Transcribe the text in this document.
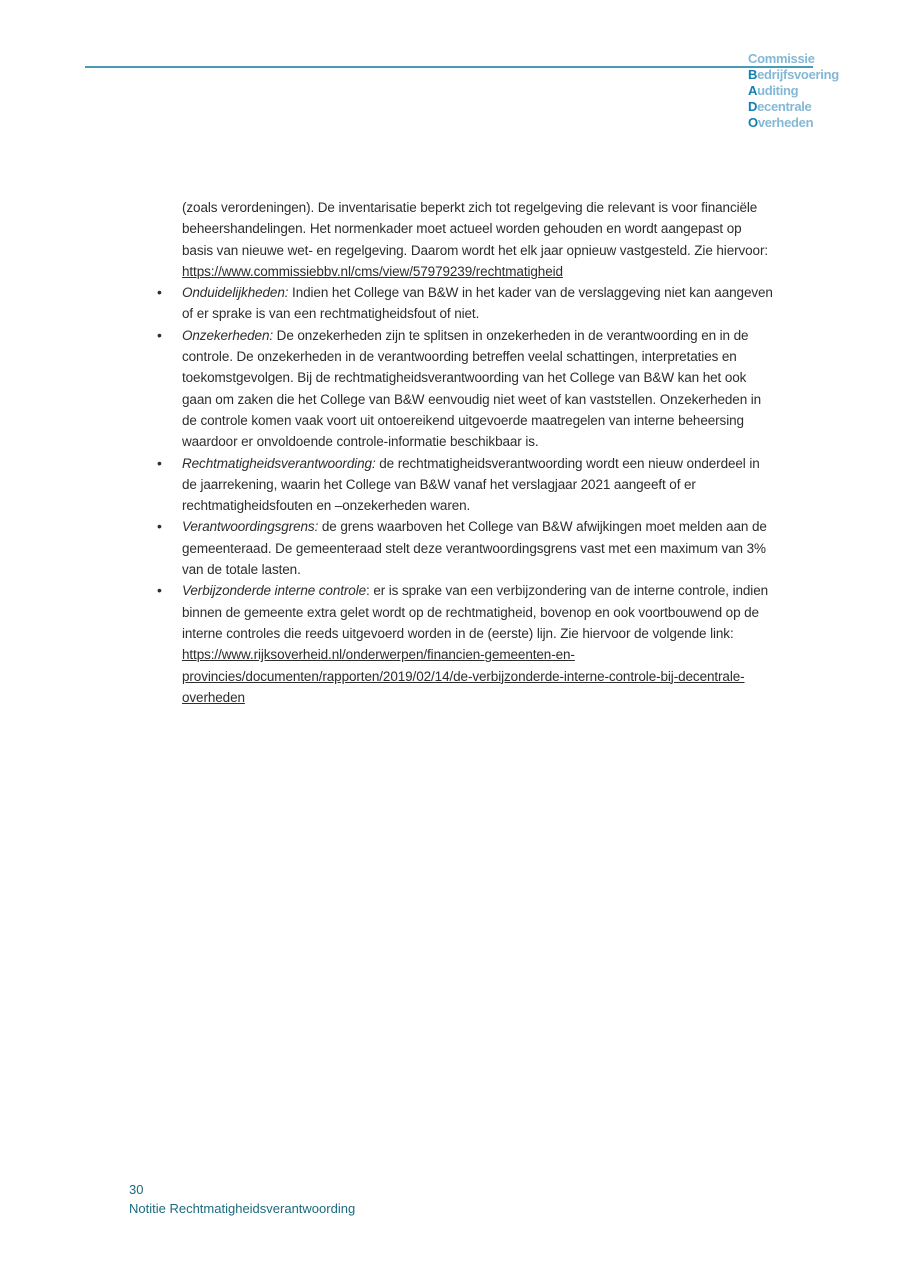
Commissie
Bedrijfsvoering
Auditing
Decentrale
Overheden

(zoals verordeningen). De inventarisatie beperkt zich tot regelgeving die relevant is voor financiële beheershandelingen. Het normenkader moet actueel worden gehouden en wordt aangepast op basis van nieuwe wet- en regelgeving. Daarom wordt het elk jaar opnieuw vastgesteld. Zie hiervoor:
https://www.commissiebbv.nl/cms/view/57979239/rechtmatigheid

• Onduidelijkheden: Indien het College van B&W in het kader van de verslaggeving niet kan aangeven of er sprake is van een rechtmatigheidsfout of niet.
• Onzekerheden: De onzekerheden zijn te splitsen in onzekerheden in de verantwoording en in de controle. De onzekerheden in de verantwoording betreffen veelal schattingen, interpretaties en toekomstgevolgen. Bij de rechtmatigheidsverantwoording van het College van B&W kan het ook gaan om zaken die het College van B&W eenvoudig niet weet of kan vaststellen. Onzekerheden in de controle komen vaak voort uit ontoereikend uitgevoerde maatregelen van interne beheersing waardoor er onvoldoende controle-informatie beschikbaar is.
• Rechtmatigheidsverantwoording: de rechtmatigheidsverantwoording wordt een nieuw onderdeel in de jaarrekening, waarin het College van B&W vanaf het verslagjaar 2021 aangeeft of er rechtmatigheidsfouten en –onzekerheden waren.
• Verantwoordingsgrens: de grens waarboven het College van B&W afwijkingen moet melden aan de gemeenteraad. De gemeenteraad stelt deze verantwoordingsgrens vast met een maximum van 3% van de totale lasten.
• Verbijzonderde interne controle: er is sprake van een verbijzondering van de interne controle, indien binnen de gemeente extra gelet wordt op de rechtmatigheid, bovenop en ook voortbouwend op de interne controles die reeds uitgevoerd worden in de (eerste) lijn. Zie hiervoor de volgende link: https://www.rijksoverheid.nl/onderwerpen/financien-gemeenten-en-provincies/documenten/rapporten/2019/02/14/de-verbijzonderde-interne-controle-bij-decentrale-overheden
30
Notitie Rechtmatigheidsverantwoording
